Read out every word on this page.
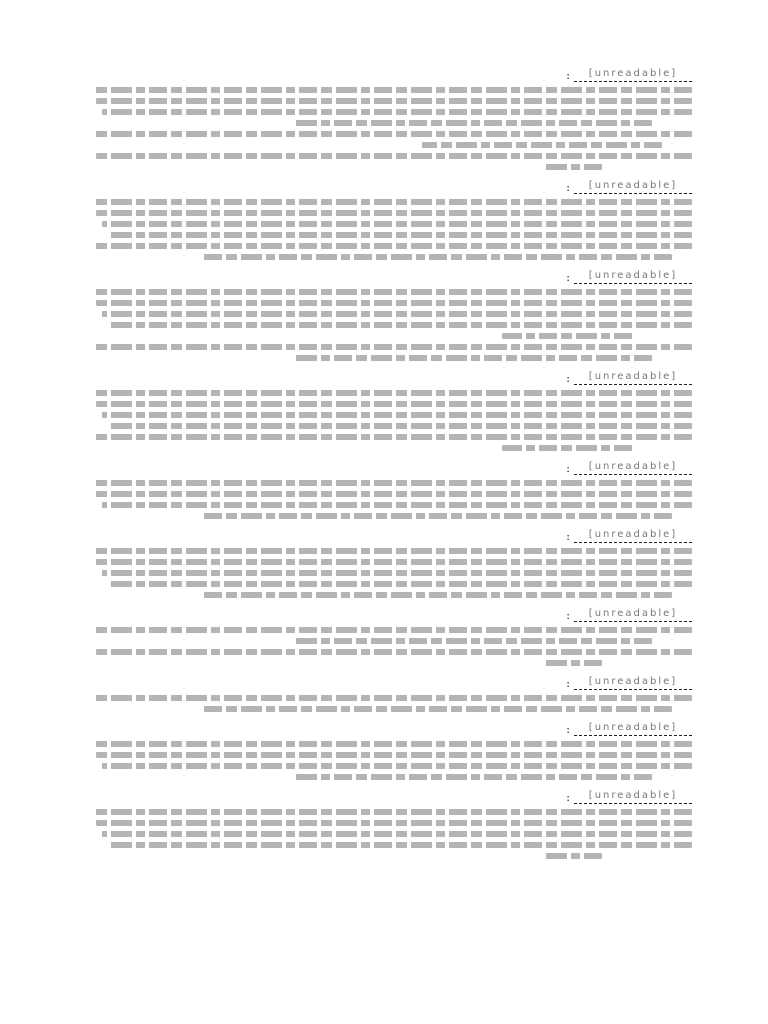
[unreadable]
:
[unreadable]
:
[unreadable]
:
[unreadable]
:
[unreadable]
:
[unreadable]
:
[unreadable]
:
[unreadable]
:
[unreadable]
:
[unreadable]
:
